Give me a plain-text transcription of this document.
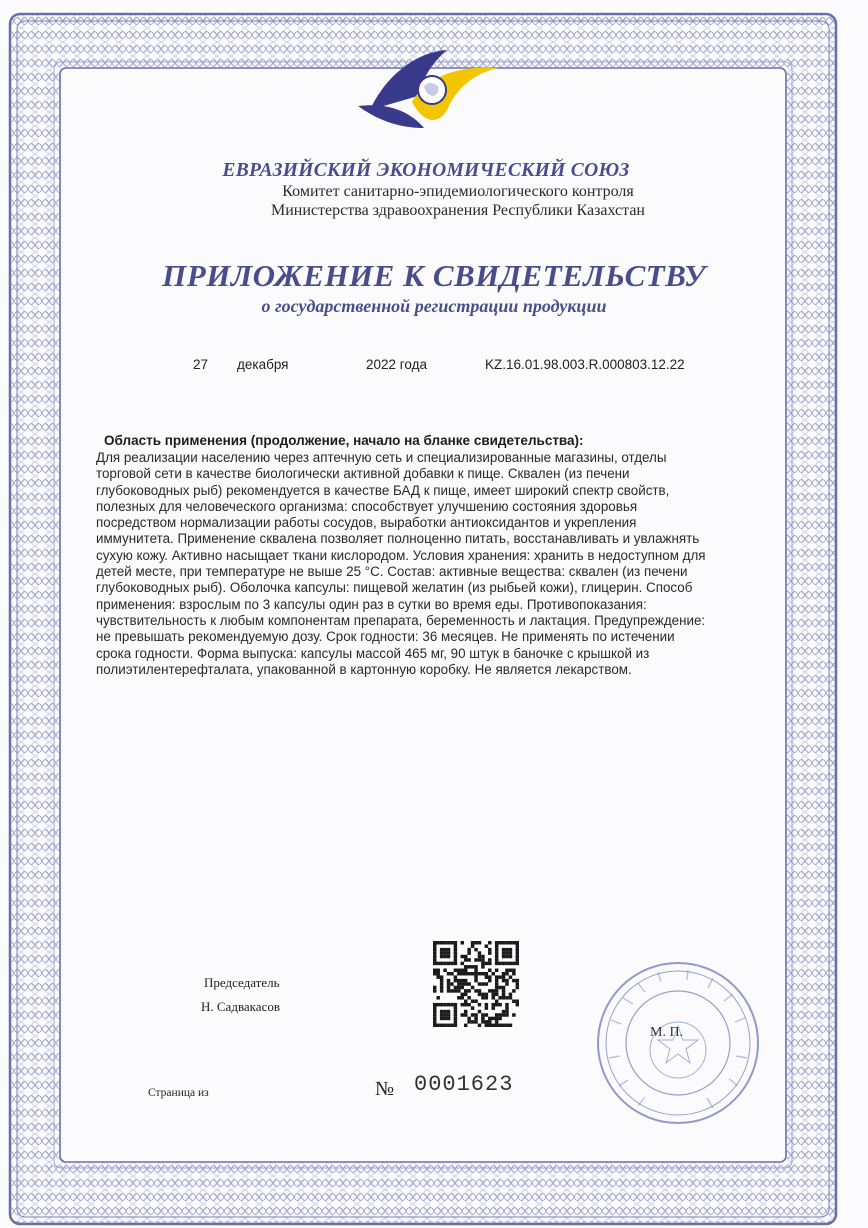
ЕВРАЗИЙСКИЙ ЭКОНОМИЧЕСКИЙ СОЮЗ
Комитет санитарно-эпидемиологического контроля
Министерства здравоохранения Республики Казахстан
ПРИЛОЖЕНИЕ К СВИДЕТЕЛЬСТВУ
о государственной регистрации продукции
27 декабря	2022 года	KZ.16.01.98.003.R.000803.12.22
Область применения (продолжение, начало на бланке свидетельства):
Для реализации населению через аптечную сеть и специализированные магазины, отделы
торговой сети в качестве биологически активной добавки к пище. Сквален (из печени
глубоководных рыб) рекомендуется в качестве БАД к пище, имеет широкий спектр свойств,
полезных для человеческого организма: способствует улучшению состояния здоровья
посредством нормализации работы сосудов, выработки антиоксидантов и укрепления
иммунитета. Применение сквалена позволяет полноценно питать, восстанавливать и увлажнять
сухую кожу. Активно насыщает ткани кислородом. Условия хранения: хранить в недоступном для
детей месте, при температуре не выше 25 °С. Состав: активные вещества: сквален (из печени
глубоководных рыб). Оболочка капсулы: пищевой желатин (из рыбьей кожи), глицерин. Способ
применения: взрослым по 3 капсулы один раз в сутки во время еды. Противопоказания:
чувствительность к любым компонентам препарата, беременность и лактация. Предупреждение:
не превышать рекомендуемую дозу. Срок годности: 36 месяцев. Не применять по истечении
срока годности. Форма выпуска: капсулы массой 465 мг, 90 штук в баночке с крышкой из
полиэтилентерефталата, упакованной в картонную коробку. Не является лекарством.
Председатель
Н. Садвакасов
М. П.
Страница из	№ 0001623
